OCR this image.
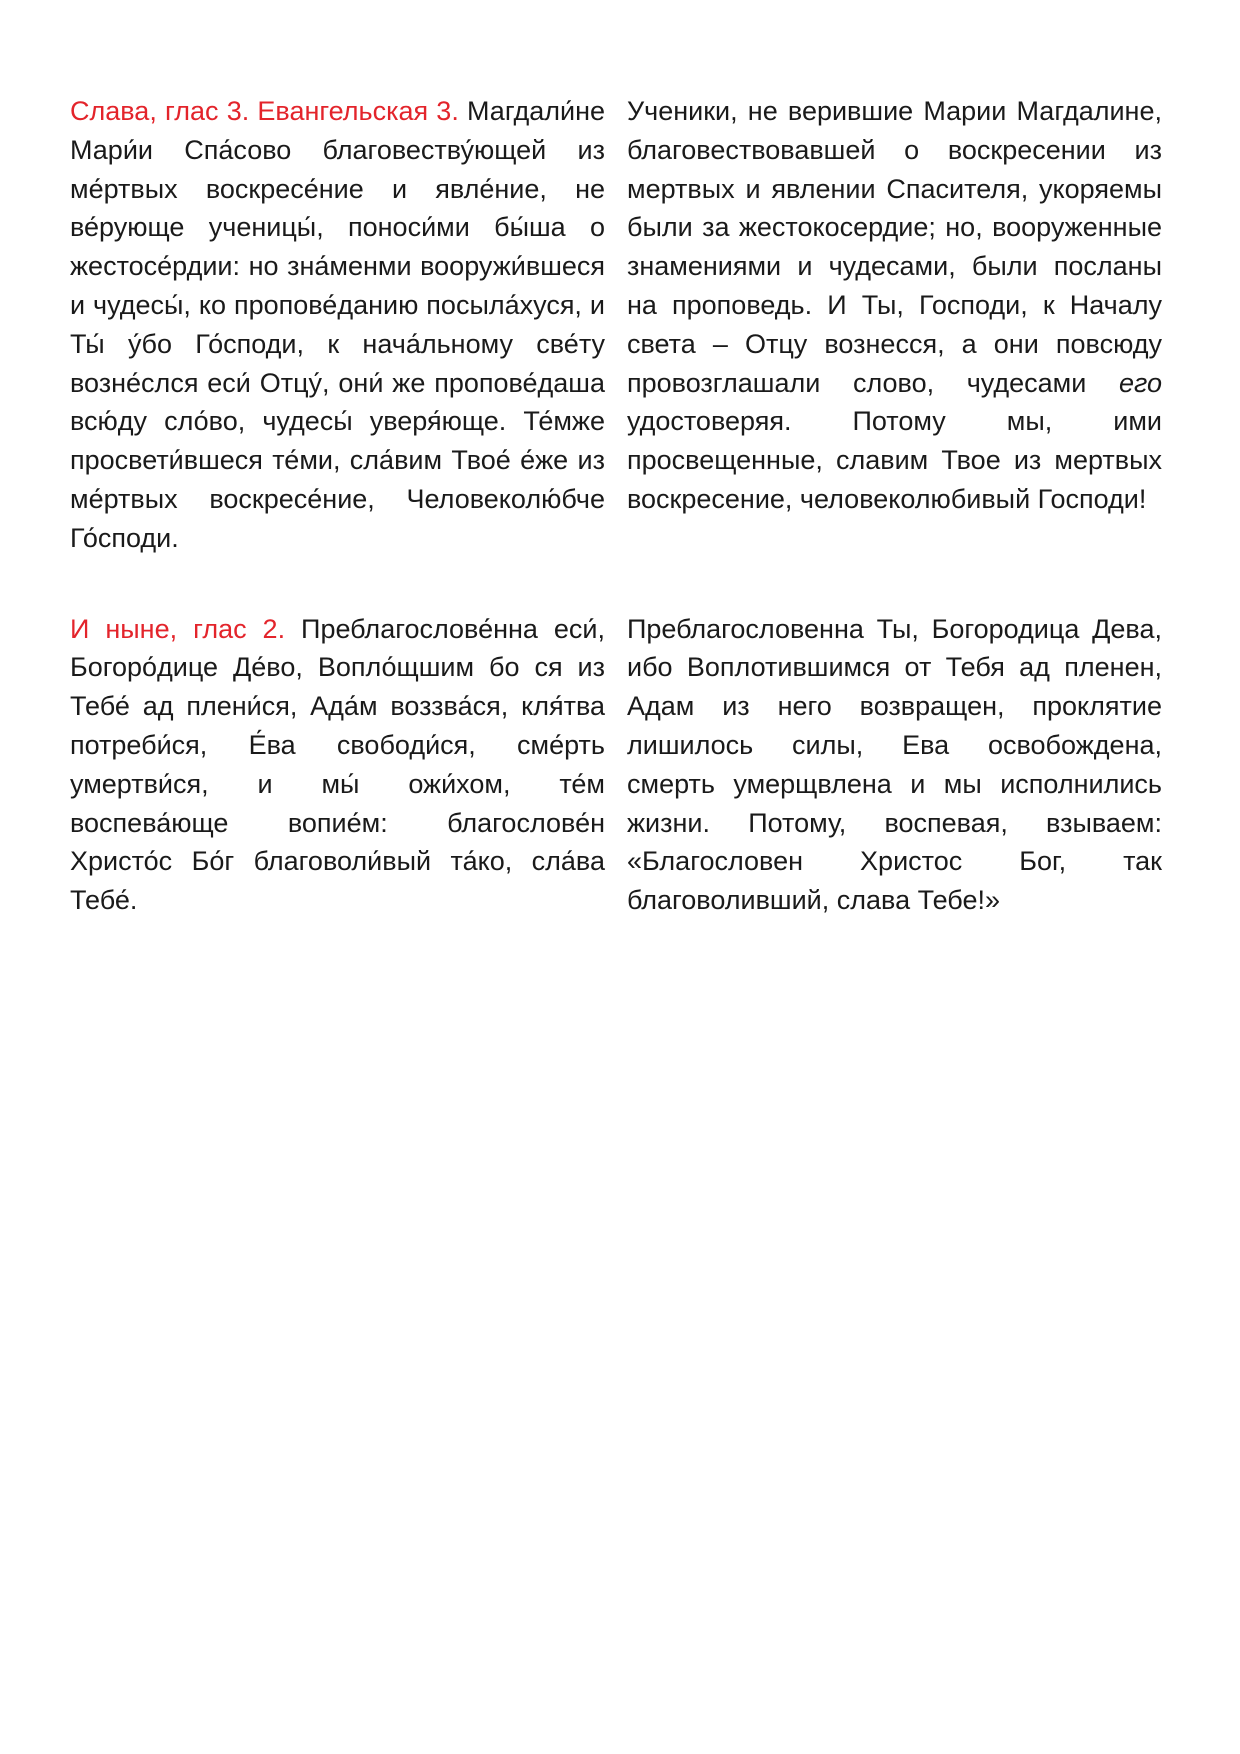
Слава, глас 3. Евангельская 3. Магдали́не Мари́и Спа́сово благовеству́ющей из ме́ртвых воскресе́ние и явле́ние, не ве́рующе ученицы́, поноси́ми бы́ша о жестосе́рдии: но зна́менми вооружи́вшеся и чудесы́, ко пропове́данию посыла́хуся, и Ты́ у́бо Го́споди, к нача́льному све́ту возне́слся еси́ Отцу́, они́ же пропове́даша всю́ду сло́во, чудесы́ уверя́юще. Те́мже просвети́вшеся те́ми, сла́вим Твое́ е́же из ме́ртвых воскресе́ние, Человеколю́бче Го́споди.
Ученики, не верившие Марии Магдалине, благовествовавшей о воскресении из мертвых и явлении Спасителя, укоряемы были за жестокосердие; но, вооруженные знамениями и чудесами, были посланы на проповедь. И Ты, Господи, к Началу света – Отцу вознесся, а они повсюду провозглашали слово, чудесами его удостоверяя. Потому мы, ими просвещенные, славим Твое из мертвых воскресение, человеколюбивый Господи!
И ныне, глас 2. Преблагослове́нна еси́, Богоро́дице Де́во, Вопло́щшим бо ся из Тебе́ ад плени́ся, Ада́м воззва́ся, кля́тва потреби́ся, Е́ва свободи́ся, сме́рть умертви́ся, и мы́ ожи́хом, те́м воспева́юще вопие́м: благослове́н Христо́с Бо́г благоволи́вый та́ко, сла́ва Тебе́.
Преблагословенна Ты, Богородица Дева, ибо Воплотившимся от Тебя ад пленен, Адам из него возвращен, проклятие лишилось силы, Ева освобождена, смерть умерщвлена и мы исполнились жизни. Потому, воспевая, взываем: «Благословен Христос Бог, так благоволивший, слава Тебе!»
